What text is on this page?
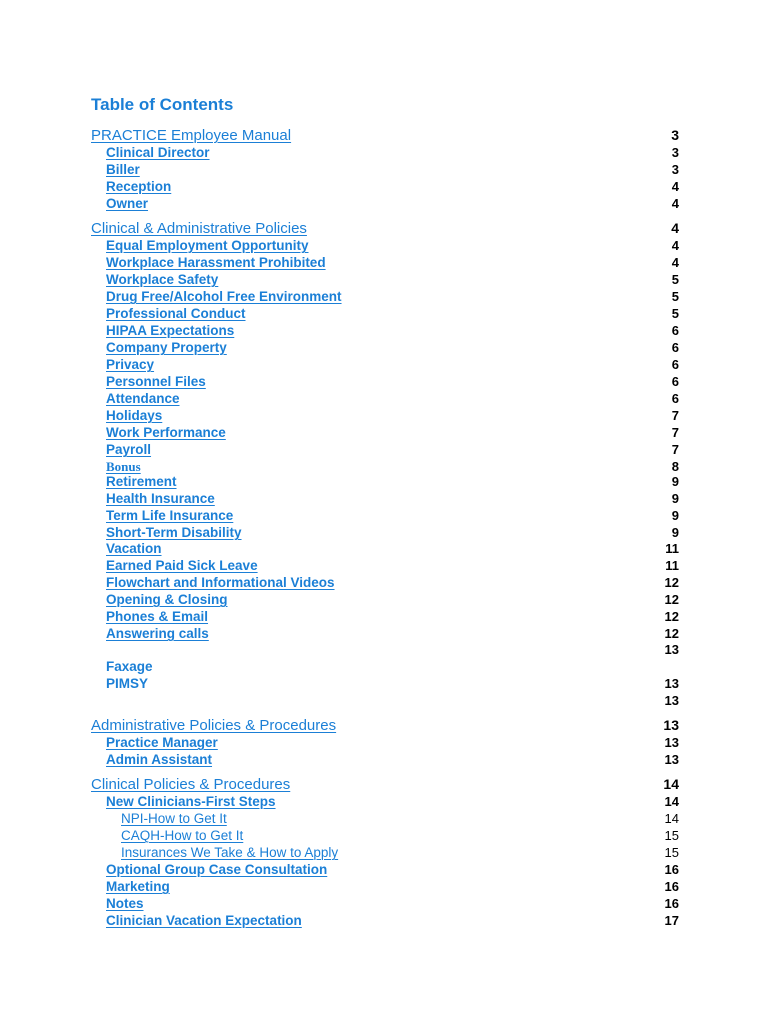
Table of Contents
PRACTICE Employee Manual	3
Clinical Director	3
Biller	3
Reception	4
Owner	4
Clinical & Administrative Policies	4
Equal Employment Opportunity	4
Workplace Harassment Prohibited	4
Workplace Safety	5
Drug Free/Alcohol Free Environment	5
Professional Conduct	5
HIPAA Expectations	6
Company Property	6
Privacy	6
Personnel Files	6
Attendance	6
Holidays	7
Work Performance	7
Payroll	7
Bonus	8
Retirement	9
Health Insurance	9
Term Life Insurance	9
Short-Term Disability	9
Vacation	11
Earned Paid Sick Leave	11
Flowchart and Informational Videos	12
Opening & Closing	12
Phones & Email	12
Answering calls	12
13
Faxage
PIMSY	13
13
Administrative Policies & Procedures	13
Practice Manager	13
Admin Assistant	13
Clinical Policies & Procedures	14
New Clinicians-First Steps	14
NPI-How to Get It	14
CAQH-How to Get It	15
Insurances We Take & How to Apply	15
Optional Group Case Consultation	16
Marketing	16
Notes	16
Clinician Vacation Expectation	17
